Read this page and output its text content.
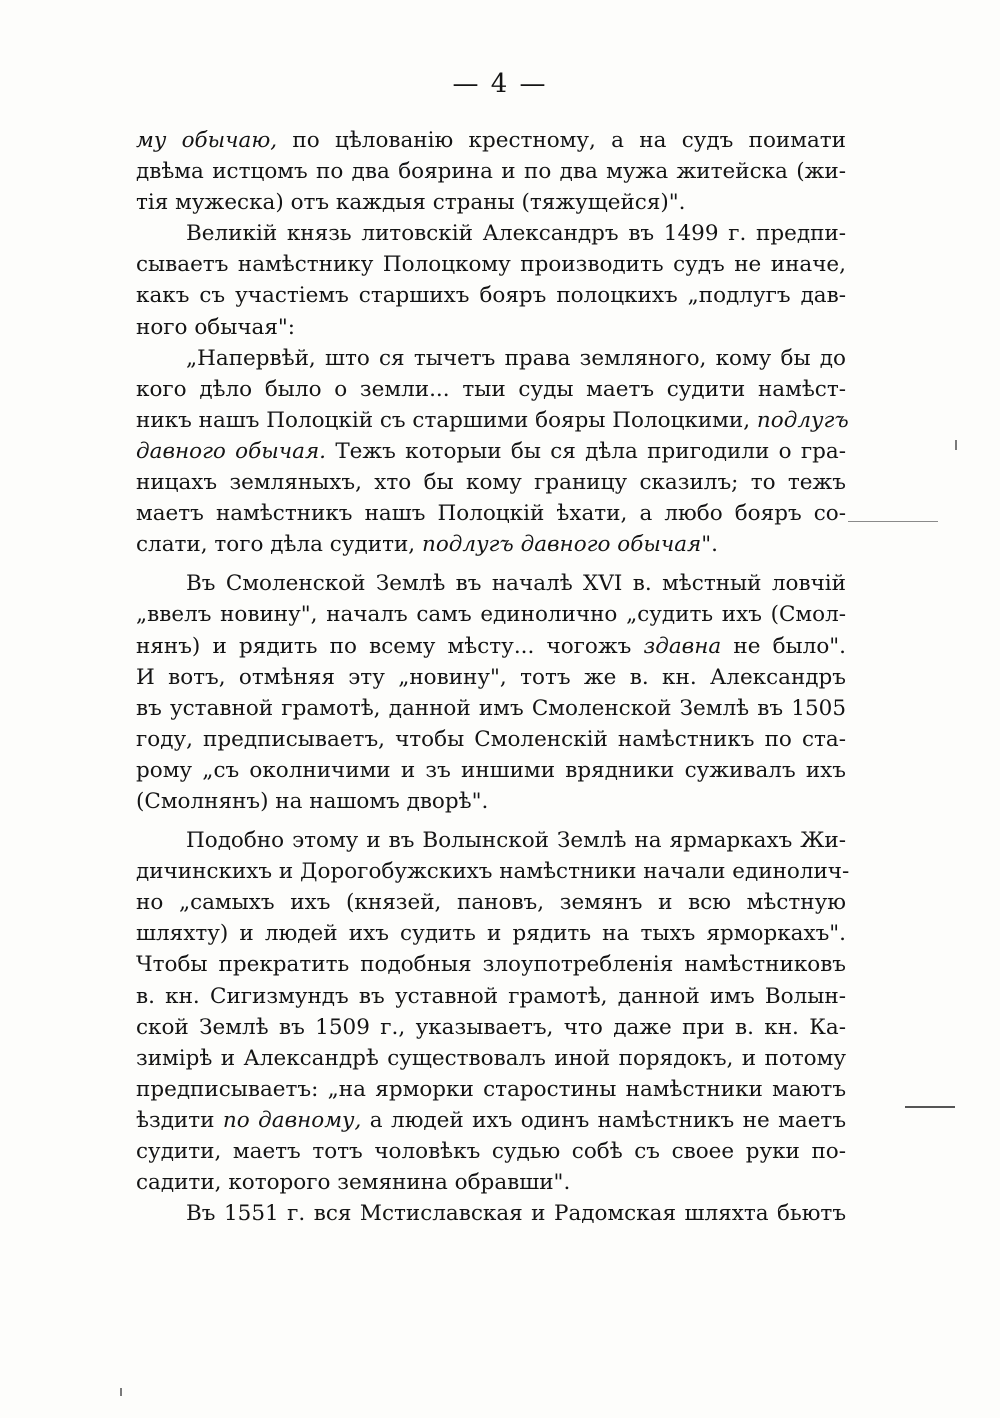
— 4 —
му обычаю, по цѣлованію крестному, а на судъ поимати
двѣма истцомъ по два боярина и по два мужа житейска (жи-
тія мужеска) отъ каждыя страны (тяжущейся)".
Великій князь литовскій Александръ въ 1499 г. предпи-
сываетъ намѣстнику Полоцкому производить судъ не иначе,
какъ съ участіемъ старшихъ бояръ полоцкихъ „подлугъ дав-
ного обычая":
„Напервѣй, што ся тычетъ права земляного, кому бы до
кого дѣло было о земли... тыи суды маетъ судити намѣст-
никъ нашъ Полоцкій съ старшими бояры Полоцкими, подлугъ
давного обычая. Тежъ которыи бы ся дѣла пригодили о гра-
ницахъ земляныхъ, хто бы кому границу сказилъ; то тежъ
маетъ намѣстникъ нашъ Полоцкій ѣхати, а любо бояръ со-
слати, того дѣла судити, подлугъ давного обычая".
Въ Смоленской Землѣ въ началѣ XVI в. мѣстный ловчій
„ввелъ новину", началъ самъ единолично „судить ихъ (Смол-
нянъ) и рядить по всему мѣсту... чогожъ здавна не было".
И вотъ, отмѣняя эту „новину", тотъ же в. кн. Александръ
въ уставной грамотѣ, данной имъ Смоленской Землѣ въ 1505
году, предписываетъ, чтобы Смоленскій намѣстникъ по ста-
рому „съ околничими и зъ иншими врядники суживалъ ихъ
(Смолнянъ) на нашомъ дворѣ".
Подобно этому и въ Волынской Землѣ на ярмаркахъ Жи-
дичинскихъ и Дорогобужскихъ намѣстники начали единолич-
но „самыхъ ихъ (князей, пановъ, земянъ и всю мѣстную
шляхту) и людей ихъ судить и рядить на тыхъ ярморкахъ".
Чтобы прекратить подобныя злоупотребленія намѣстниковъ
в. кн. Сигизмундъ въ уставной грамотѣ, данной имъ Волын-
ской Землѣ въ 1509 г., указываетъ, что даже при в. кн. Ка-
зимірѣ и Александрѣ существовалъ иной порядокъ, и потому
предписываетъ: „на ярморки старостины намѣстники маютъ
ѣздити по давному, а людей ихъ одинъ намѣстникъ не маетъ
судити, маетъ тотъ чоловѣкъ судью собѣ съ своее руки по-
садити, которого земянина обравши".
Въ 1551 г. вся Мстиславская и Радомская шляхта бьютъ
